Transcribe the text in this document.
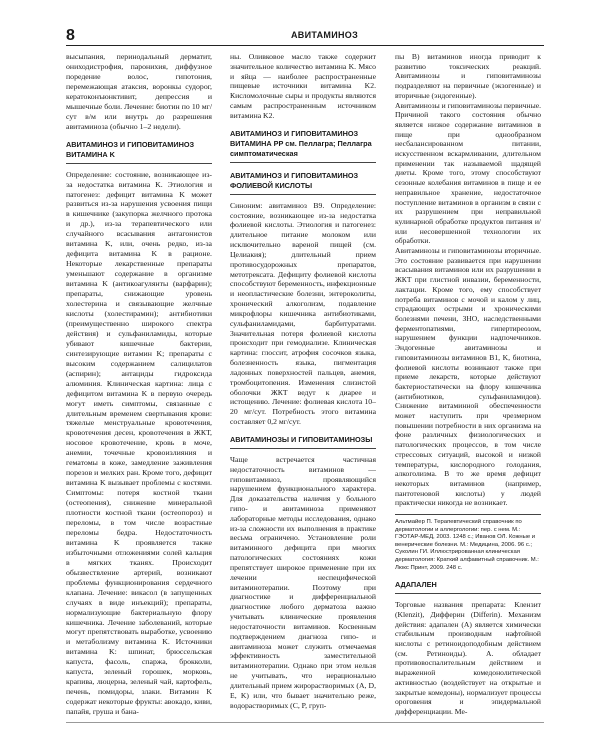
8	АВИТАМИНОЗ

высыпания, перинодальный дерматит, ониходистрофия, паронихия, диффузное поредение волос, гипотония, перемежающая атаксия, воронкы судорог, кератоконъюнктивит, депрессия и мышечные боли. Лечение: биотин по 10 мг/сут в/м или внутрь до разрешения авитаминоза (обычно 1–2 недели).

АВИТАМИНОЗ И ГИПОВИТАМИНОЗ ВИТАМИНА K

Определение: состояние, возникающее из-за недостатка витамина K. Этиология и патогенез: дефицит витамина K может развиться из-за нарушения усвоения пищи в кишечнике (закупорка желчного протока и др.), из-за терапевтического или случайного всасывания антагонистов витамина K, или, очень редко, из-за дефицита витамина K в рационе. Некоторые лекарственные препараты уменьшают содержание в организме витамина K (антикоагулянты (варфарин); препараты, снижающие уровень холестерина и связывающие желчные кислоты (холестирамин); антибиотики (преимущественно широкого спектра действия) и сульфаниламиды, которые убивают кишечные бактерии, синтезирующие витамин K; препараты с высоким содержанием салицилатов (аспирин); антациды гидроксида алюминия. Клиническая картина: лица с дефицитом витамина K в первую очередь могут иметь симптомы, связанные с длительным временем свертывания крови: тяжелые менструальные кровотечения, кровотечения десен, кровотечения в ЖКТ, носовое кровотечение, кровь в моче, анемии, точечные кровоизлияния и гематомы в коже, замедление заживления порезов и мелких ран. Кроме того, дефицит витамина K вызывает проблемы с костями. Симптомы: потеря костной ткани (остеопения), снижение минеральной плотности костной ткани (остеопороз) и переломы, в том числе возрастные переломы бедра. Недостаточность витамина K проявляется также избыточными отложениями солей кальция в мягких тканях. Происходит обызвествление артерий, возникают проблемы функционирования сердечного клапана. Лечение: викасол (в запущенных случаях в виде инъекций); препараты, нормализующие бактериальную флору кишечника. Лечение заболеваний, которые могут препятствовать выработке, усвоению и метаболизму витамина K. Источники витамина K: шпинат, брюссельская капуста, фасоль, спаржа, брокколи, капуста, зеленый горошек, морковь, крапива, люцерна, зеленый чай, картофель, печень, помидоры, злаки. Витамин K содержат некоторые фрукты: авокадо, киви, папайя, груша и бана-

ны. Оливковое масло также содержит значительное количество витамина K. Мясо и яйца — наиболее распространенные пищевые источники витамина K2. Кисломолочные сыры и продукты являются самым распространенным источником витамина K2.

АВИТАМИНОЗ И ГИПОВИТАМИНОЗ ВИТАМИНА PP см. Пеллагра; Пеллагра симптоматическая
АВИТАМИНОЗ И ГИПОВИТАМИНОЗ ФОЛИЕВОЙ КИСЛОТЫ

Синоним: авитаминоз B9. Определение: состояние, возникающее из-за недостатка фолиевой кислоты. Этиология и патогенез: длительное питание молоком или исключительно вареной пищей (см. Целиакия); длительный прием противосудорожных препаратов, метотрексата. Дефициту фолиевой кислоты способствуют беременность, инфекционные и неопластические болезни, энтероколиты, хронический алкоголизм, подавление микрофлоры кишечника антибиотиками, сульфаниламидами, барбитуратами. Значительная потеря фолиевой кислоты происходит при гемодиализе. Клиническая картина: глоссит, атрофия сосочков языка, болезненность языка, пигментация ладонных поверхностей пальцев, анемия, тромбоцитопения. Изменения слизистой оболочки ЖКТ ведут к диарее и истощению. Лечение: фолиевая кислота 10–20 мг/сут. Потребность этого витамина составляет 0,2 мг/сут.

АВИТАМИНОЗЫ И ГИПОВИТАМИНОЗЫ

Чаще встречается частичная недостаточность витаминов — гиповитаминоз, проявляющийся нарушением функционального характера. Для доказательства наличия у больного гипо- и авитаминоза применяют лабораторные методы исследования, однако из-за сложности их выполнения в практике весьма ограничено. Установление роли витаминного дефицита при многих патологических состояниях кожи препятствует широкое применение при их лечении неспецифической витаминотерапии. Поэтому при диагностике и дифференциальной диагностике любого дерматоза важно учитывать клинические проявления недостаточности витаминов. Косвенным подтверждением диагноза гипо- и авитаминоза может служить отмечаемая эффективность заместительной витаминотерапии. Однако при этом нельзя не учитывать, что нерационально длительный прием жирорастворимых (A, D, E, K) или, что бывает значительно реже, водорастворимых (C, P, груп-

пы B) витаминов иногда приводит к развитию токсических реакций. Авитаминозы и гиповитаминозы подразделяют на первичные (экзогенные) и вторичные (эндогенные).

Авитаминозы и гиповитаминозы первичные. Причиной такого состояния обычно является низкое содержание витаминов в пище при однообразном несбалансированном питании, искусственном вскармливании, длительном применении так называемой щадящей диеты. Кроме того, этому способствуют сезонные колебания витаминов в пище и ее неправильное хранение, недостаточное поступление витаминов в организм в связи с их разрушением при неправильной кулинарной обработке продуктов питания и/или несовершенной технологии их обработки.

Авитаминозы и гиповитаминозы вторичные. Это состояние развивается при нарушении всасывания витаминов или их разрушении в ЖКТ при глистной инвазии, беременности, лактации. Кроме того, ему способствует потреба витаминов с мочой и калом у лиц, страдающих острыми и хроническими болезнями печени, ЗНО, наследственными ферментопатиями, гипертиреозом, нарушением функции надпочечников. Эндогенные авитаминозы и гиповитаминозы витаминов B1, K, биотина, фолиевой кислоты возникают также при приеме лекарств, которые действуют бактериостатически на флору кишечника (антибиотиков, сульфаниламидов). Снижение витаминной обеспеченности может наступить при чрезмерном повышении потребности в них организма на фоне различных физиологических и патологических процессов, в том числе стрессовых ситуаций, высокой и низкой температуры, кислородного голодания, алкоголизма. В то же время дефицит некоторых витаминов (например, пантотеновой кислоты) у людей практически никогда не возникает.

Альтмайер П. Терапевтический справочник по дерматологии и аллергологии: пер. с нем. М.: ГЭОТАР-МЕД, 2003. 1248 с.; Иванов ОЛ. Кожные и венерические болезни. М.: Медицина, 2006. 96 с.; Суколин ГИ. Иллюстрированная клиническая дерматология: Краткий алфавитный справочник. М.: Люкс Принт, 2009. 248 с.
АДАПАЛЕН

Торговые названия препарата: Клензит (Klenzit), Дифферин (Differin). Механизм действия: адапален (А) является химически стабильным производным нафтойной кислоты с ретиноидоподобным действием (см. Ретиноиды). A. обладает противовоспалительным действием и выраженной комедонолитической активностью (воздействует на открытые и закрытые комедоны), нормализует процессы ороговения и эпидермальной дифференциации. Ме-
